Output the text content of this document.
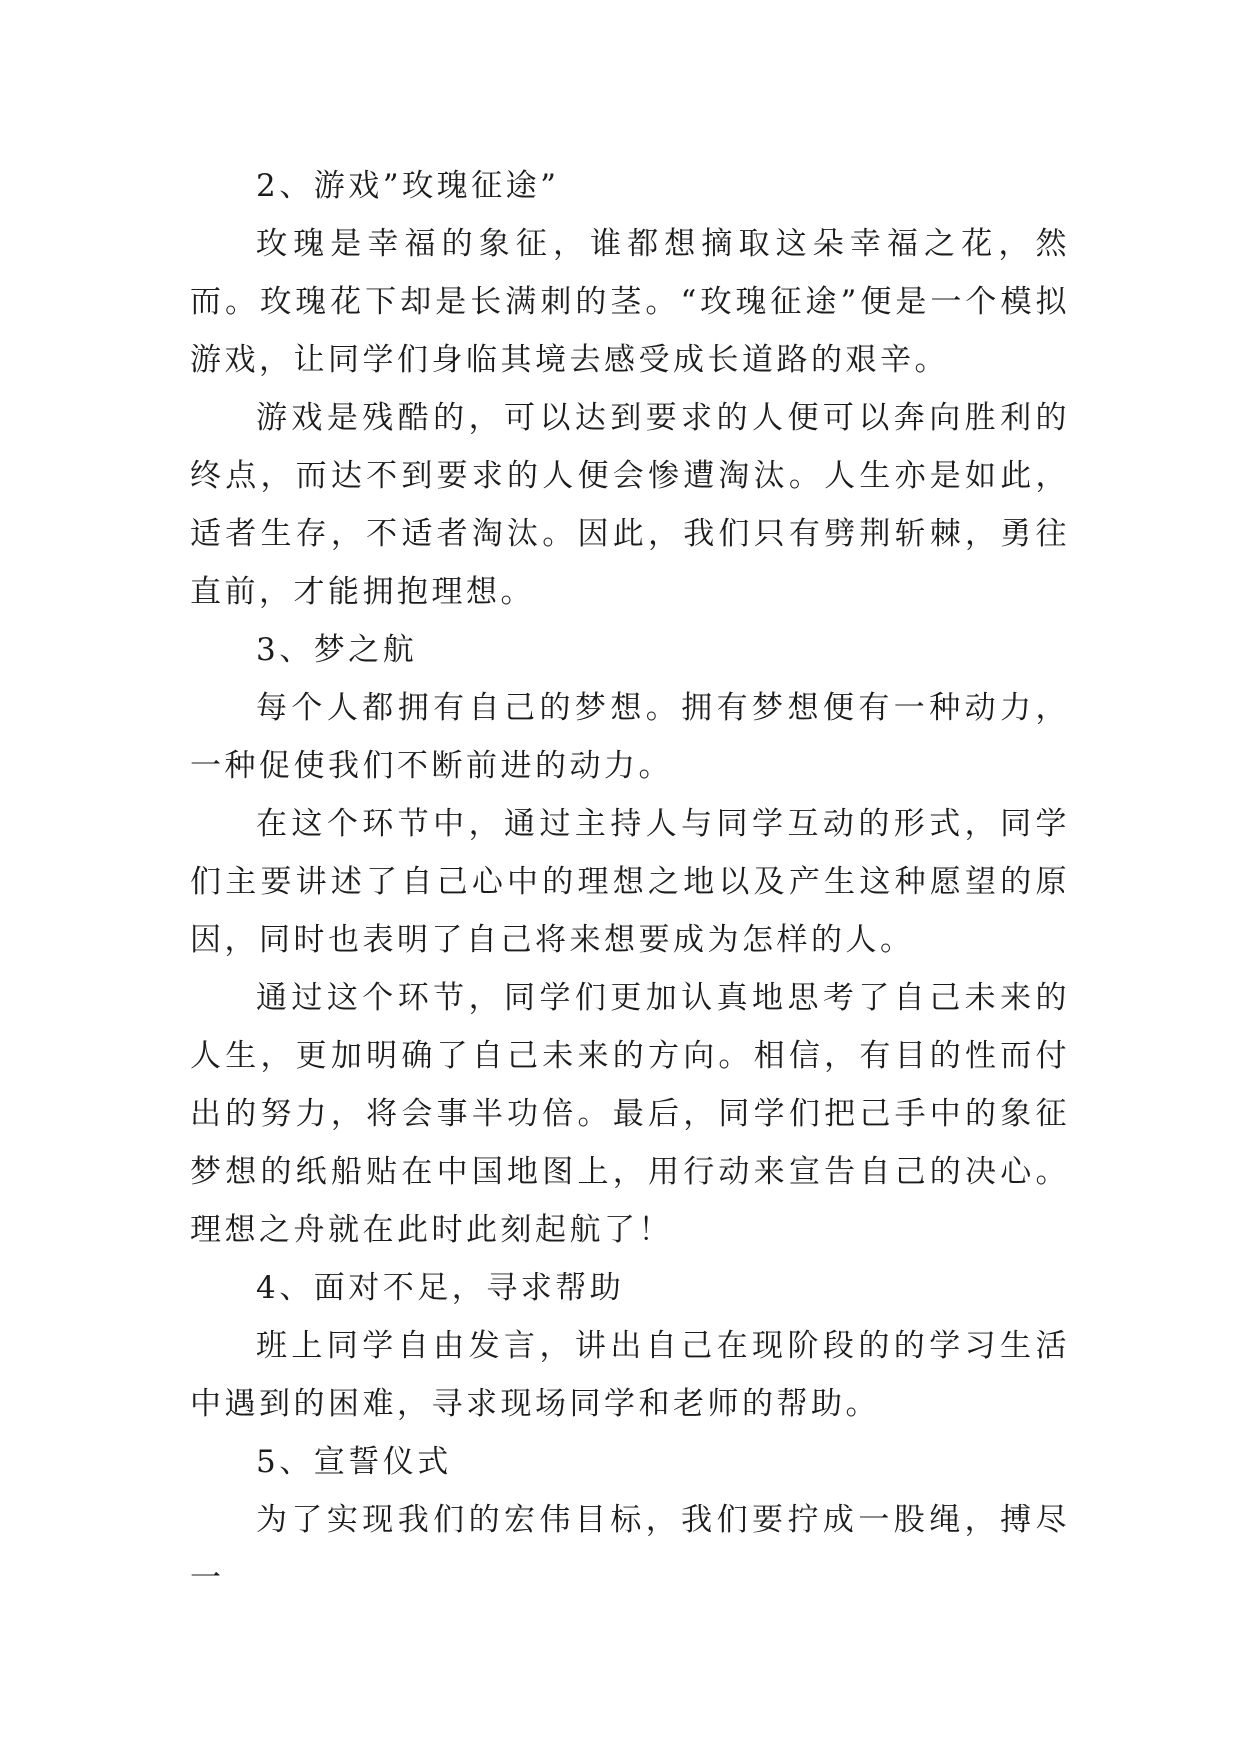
2、游戏”玫瑰征途”

玫瑰是幸福的象征，谁都想摘取这朵幸福之花，然而。玫瑰花下却是长满刺的茎。“玫瑰征途”便是一个模拟游戏，让同学们身临其境去感受成长道路的艰辛。

游戏是残酷的，可以达到要求的人便可以奔向胜利的终点，而达不到要求的人便会惨遭淘汰。人生亦是如此，适者生存，不适者淘汰。因此，我们只有劈荆斩棘，勇往直前，才能拥抱理想。

3、梦之航

每个人都拥有自己的梦想。拥有梦想便有一种动力，一种促使我们不断前进的动力。

在这个环节中，通过主持人与同学互动的形式，同学们主要讲述了自己心中的理想之地以及产生这种愿望的原因，同时也表明了自己将来想要成为怎样的人。

通过这个环节，同学们更加认真地思考了自己未来的人生，更加明确了自己未来的方向。相信，有目的性而付出的努力，将会事半功倍。最后，同学们把己手中的象征梦想的纸船贴在中国地图上，用行动来宣告自己的决心。理想之舟就在此时此刻起航了！

4、面对不足，寻求帮助

班上同学自由发言，讲出自己在现阶段的的学习生活中遇到的困难，寻求现场同学和老师的帮助。

5、宣誓仪式

为了实现我们的宏伟目标，我们要拧成一股绳，搏尽一
